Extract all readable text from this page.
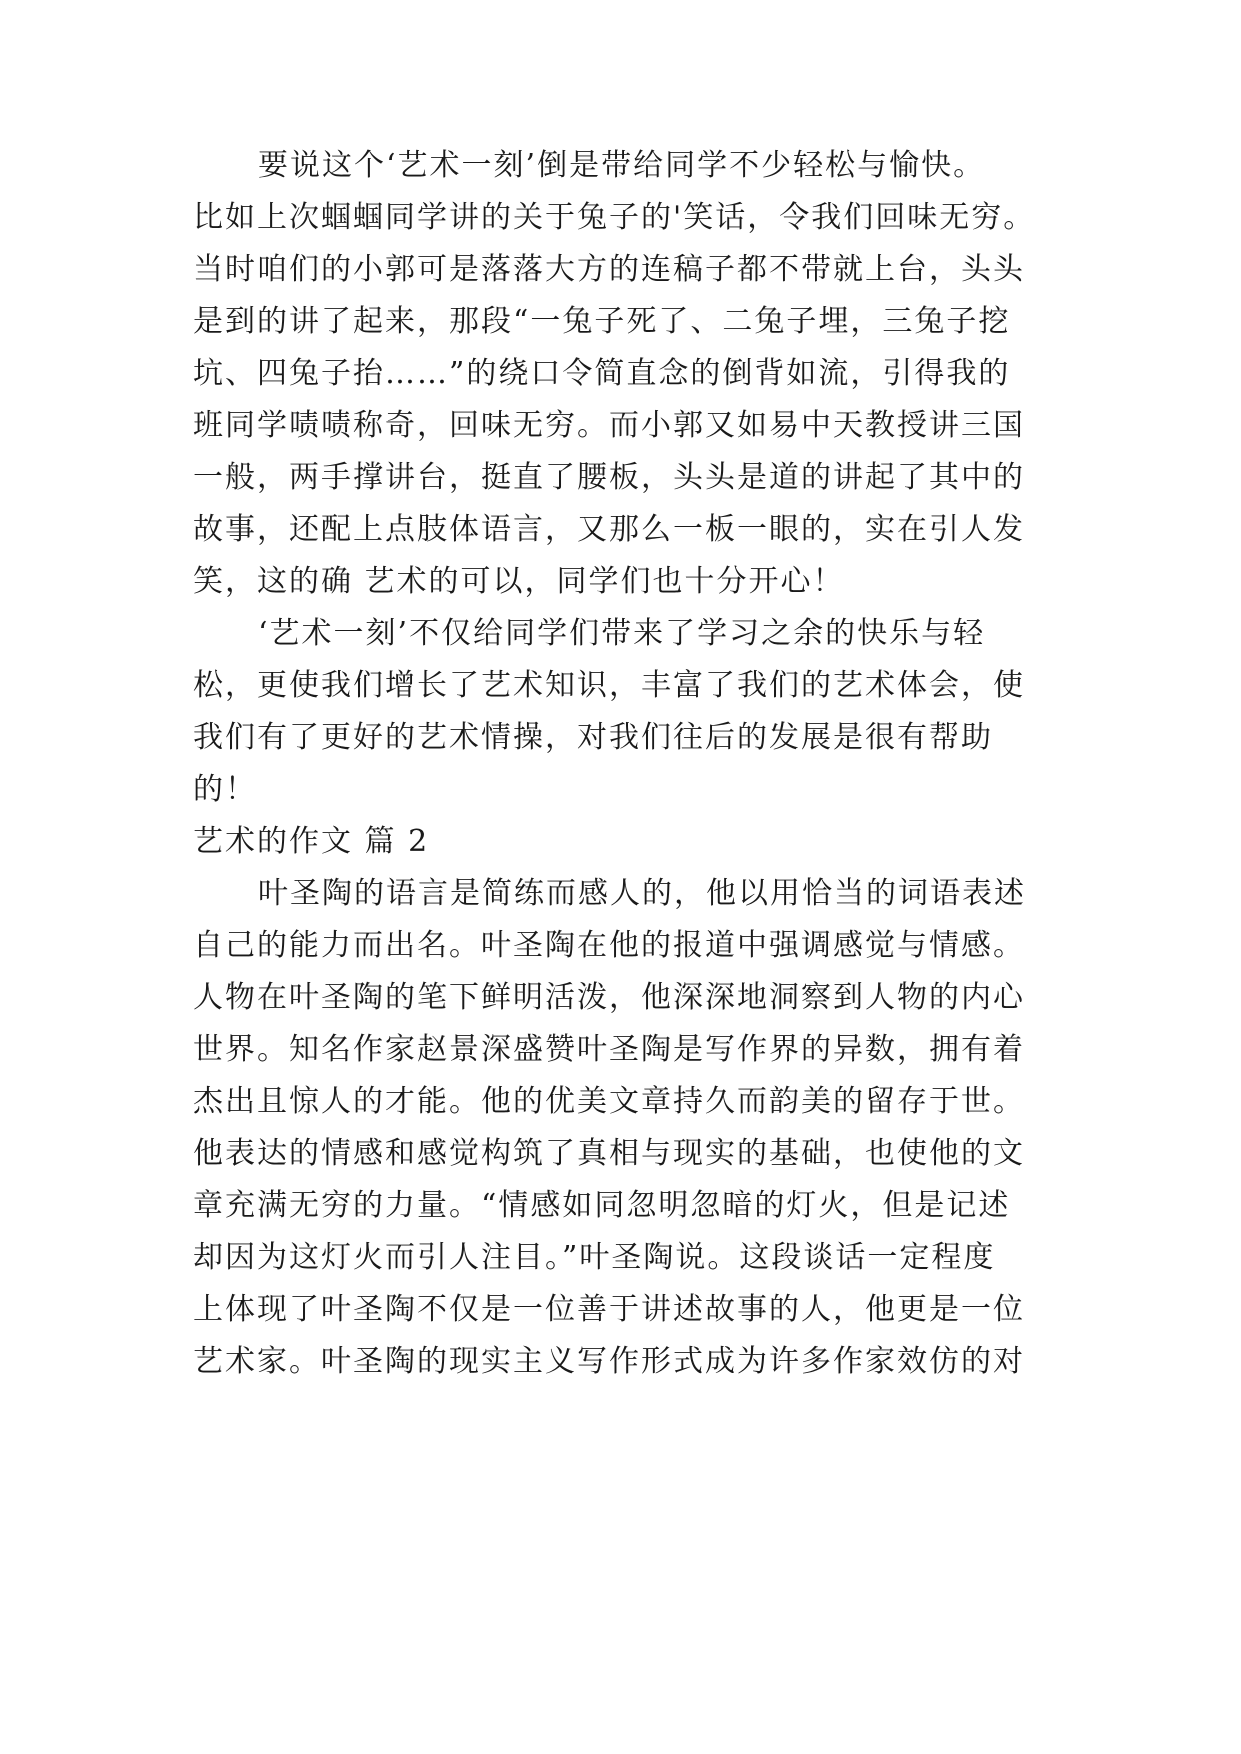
要说这个‘艺术一刻’倒是带给同学不少轻松与愉快。

比如上次蝈蝈同学讲的关于兔子的'笑话，令我们回味无穷。

当时咱们的小郭可是落落大方的连稿子都不带就上台，头头

是到的讲了起来，那段“一兔子死了、二兔子埋，三兔子挖

坑、四兔子抬……”的绕口令简直念的倒背如流，引得我的

班同学啧啧称奇，回味无穷。而小郭又如易中天教授讲三国

一般，两手撑讲台，挺直了腰板，头头是道的讲起了其中的

故事，还配上点肢体语言，又那么一板一眼的，实在引人发

笑，这的确 艺术的可以，同学们也十分开心！

‘艺术一刻’不仅给同学们带来了学习之余的快乐与轻

松，更使我们增长了艺术知识，丰富了我们的艺术体会，使

我们有了更好的艺术情操，对我们往后的发展是很有帮助

的！

艺术的作文 篇 2

叶圣陶的语言是简练而感人的，他以用恰当的词语表述

自己的能力而出名。叶圣陶在他的报道中强调感觉与情感。

人物在叶圣陶的笔下鲜明活泼，他深深地洞察到人物的内心

世界。知名作家赵景深盛赞叶圣陶是写作界的异数，拥有着

杰出且惊人的才能。他的优美文章持久而韵美的留存于世。

他表达的情感和感觉构筑了真相与现实的基础，也使他的文

章充满无穷的力量。“情感如同忽明忽暗的灯火，但是记述

却因为这灯火而引人注目。”叶圣陶说。这段谈话一定程度

上体现了叶圣陶不仅是一位善于讲述故事的人，他更是一位

艺术家。叶圣陶的现实主义写作形式成为许多作家效仿的对
